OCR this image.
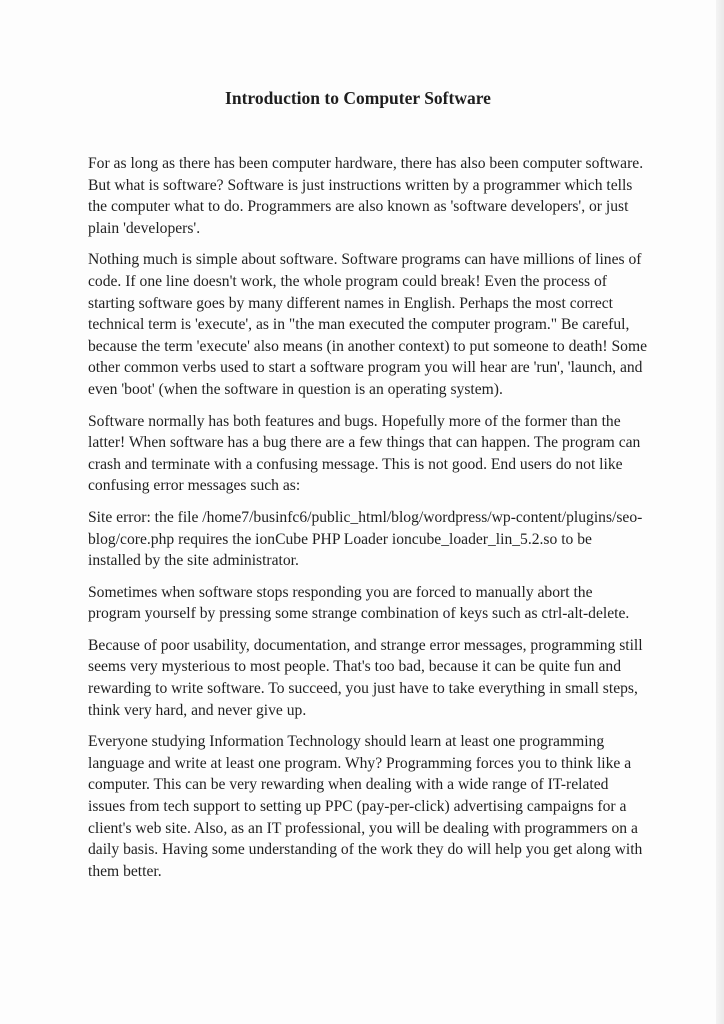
Introduction to Computer Software

For as long as there has been computer hardware, there has also been computer software. But what is software? Software is just instructions written by a programmer which tells the computer what to do. Programmers are also known as 'software developers', or just plain 'developers'.

Nothing much is simple about software. Software programs can have millions of lines of code. If one line doesn't work, the whole program could break! Even the process of starting software goes by many different names in English. Perhaps the most correct technical term is 'execute', as in "the man executed the computer program." Be careful, because the term 'execute' also means (in another context) to put someone to death! Some other common verbs used to start a software program you will hear are 'run', 'launch, and even 'boot' (when the software in question is an operating system).

Software normally has both features and bugs. Hopefully more of the former than the latter! When software has a bug there are a few things that can happen. The program can crash and terminate with a confusing message. This is not good. End users do not like confusing error messages such as:

Site error: the file /home7/businfc6/public_html/blog/wordpress/wp-content/plugins/seo-blog/core.php requires the ionCube PHP Loader ioncube_loader_lin_5.2.so to be installed by the site administrator.

Sometimes when software stops responding you are forced to manually abort the program yourself by pressing some strange combination of keys such as ctrl-alt-delete.

Because of poor usability, documentation, and strange error messages, programming still seems very mysterious to most people. That's too bad, because it can be quite fun and rewarding to write software. To succeed, you just have to take everything in small steps, think very hard, and never give up.

Everyone studying Information Technology should learn at least one programming language and write at least one program. Why? Programming forces you to think like a computer. This can be very rewarding when dealing with a wide range of IT-related issues from tech support to setting up PPC (pay-per-click) advertising campaigns for a client's web site. Also, as an IT professional, you will be dealing with programmers on a daily basis. Having some understanding of the work they do will help you get along with them better.
